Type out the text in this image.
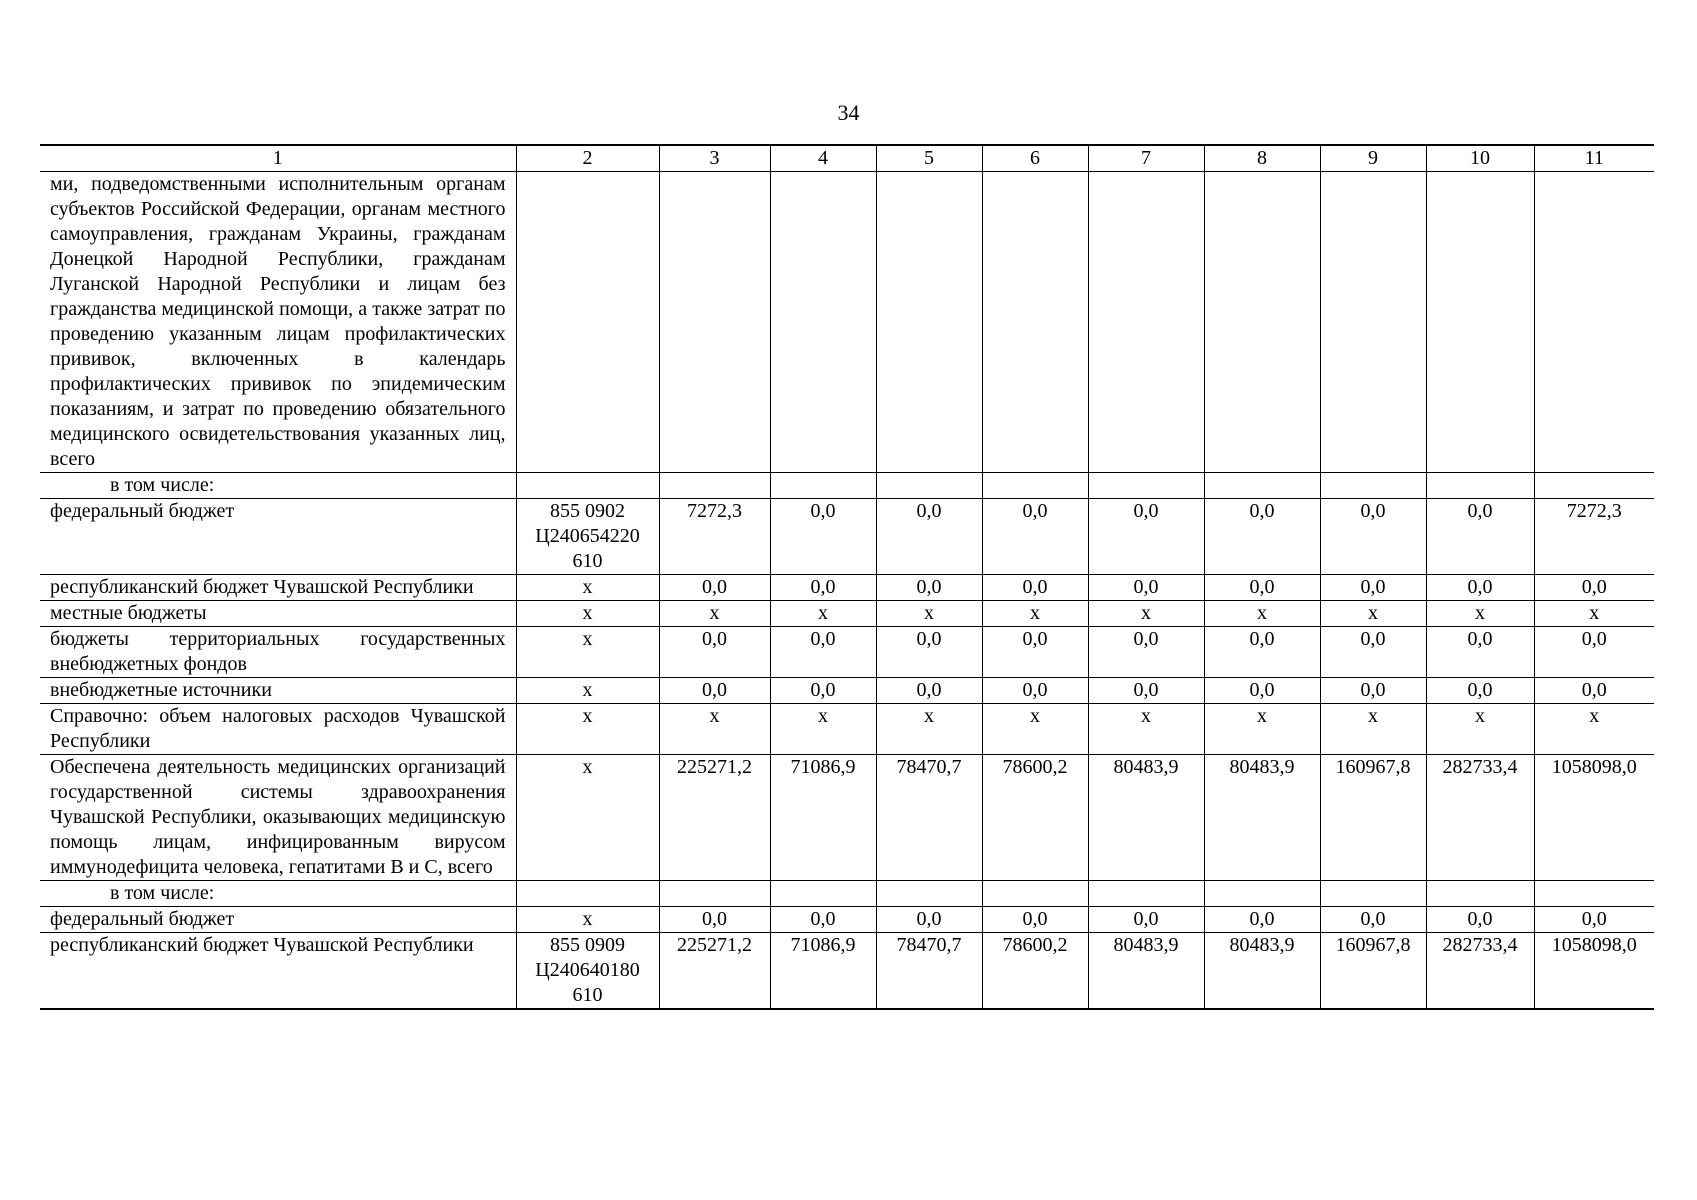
34
1	2	3	4	5	6	7	8	9	10	11
ми, подведомственными исполнительным органам субъектов Российской Федерации, органам местного самоуправления, гражданам Украины, гражданам Донецкой Народной Республики, гражданам Луганской Народной Республики и лицам без гражданства медицинской помощи, а также затрат по проведению указанным лицам профилактических прививок, включенных в календарь профилактических прививок по эпидемическим показаниям, и затрат по проведению обязательного медицинского освидетельствования указанных лиц, всего										
в том числе:										
федеральный бюджет	855 0902
Ц240654220
610	7272,3	0,0	0,0	0,0	0,0	0,0	0,0	0,0	7272,3
республиканский бюджет Чувашской Республики	x	0,0	0,0	0,0	0,0	0,0	0,0	0,0	0,0	0,0
местные бюджеты	x	x	x	x	x	x	x	x	x	x
бюджеты территориальных государственных внебюджетных фондов	x	0,0	0,0	0,0	0,0	0,0	0,0	0,0	0,0	0,0
внебюджетные источники	x	0,0	0,0	0,0	0,0	0,0	0,0	0,0	0,0	0,0
Справочно: объем налоговых расходов Чувашской Республики	x	x	x	x	x	x	x	x	x	x
Обеспечена деятельность медицинских организаций государственной системы здравоохранения Чувашской Республики, оказывающих медицинскую помощь лицам, инфицированным вирусом иммунодефицита человека, гепатитами В и С, всего	x	225271,2	71086,9	78470,7	78600,2	80483,9	80483,9	160967,8	282733,4	1058098,0
в том числе:										
федеральный бюджет	x	0,0	0,0	0,0	0,0	0,0	0,0	0,0	0,0	0,0
республиканский бюджет Чувашской Республики	855 0909
Ц240640180
610	225271,2	71086,9	78470,7	78600,2	80483,9	80483,9	160967,8	282733,4	1058098,0
